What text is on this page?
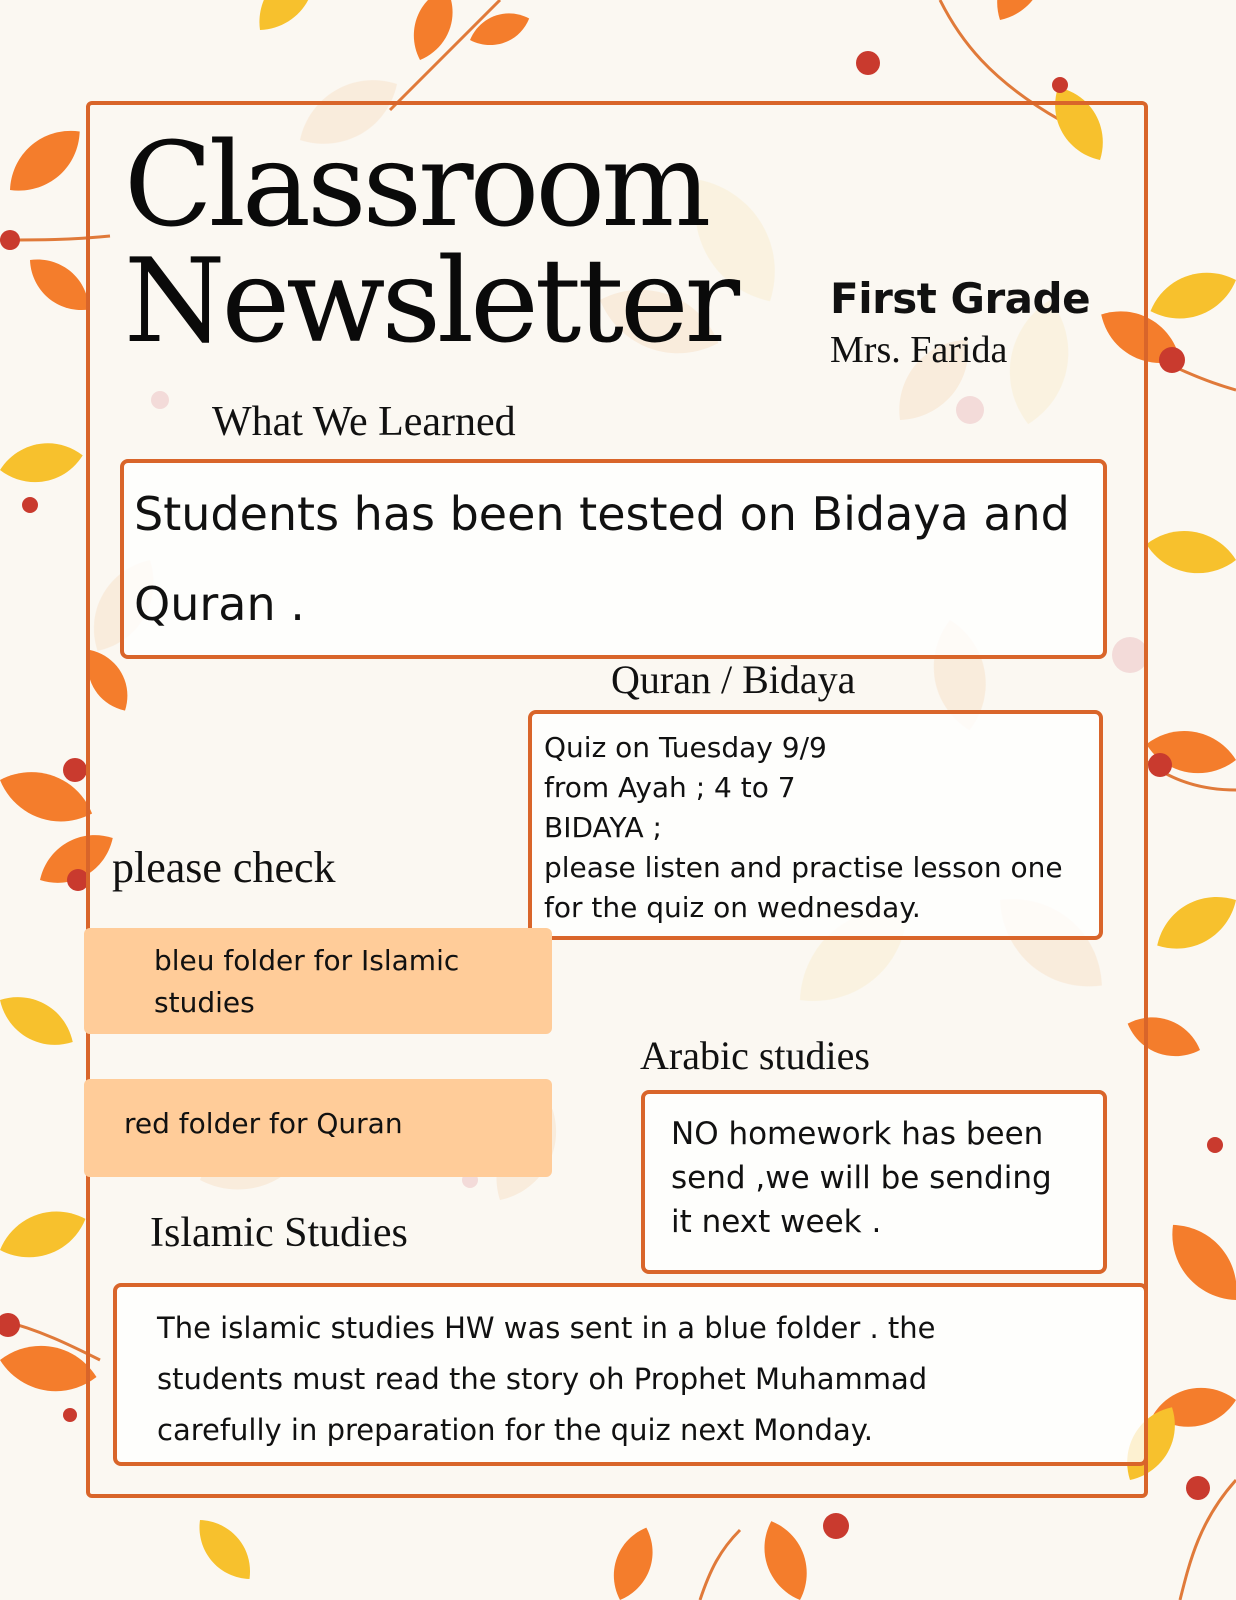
Classroom
Newsletter First Grade
Mrs. Farida
What We Learned
Students has been tested on Bidaya and
Quran .
Quran / Bidaya
Quiz on Tuesday 9/9
from Ayah ; 4 to 7
BIDAYA ;
please listen and practise lesson one
for the quiz on wednesday.
please check
bleu folder for Islamic
studies
red folder for Quran
Arabic studies
NO homework has been
send ,we will be sending
it next week .
Islamic Studies
The islamic studies HW was sent in a blue folder . the
students must read the story oh Prophet Muhammad
carefully in preparation for the quiz next Monday.
